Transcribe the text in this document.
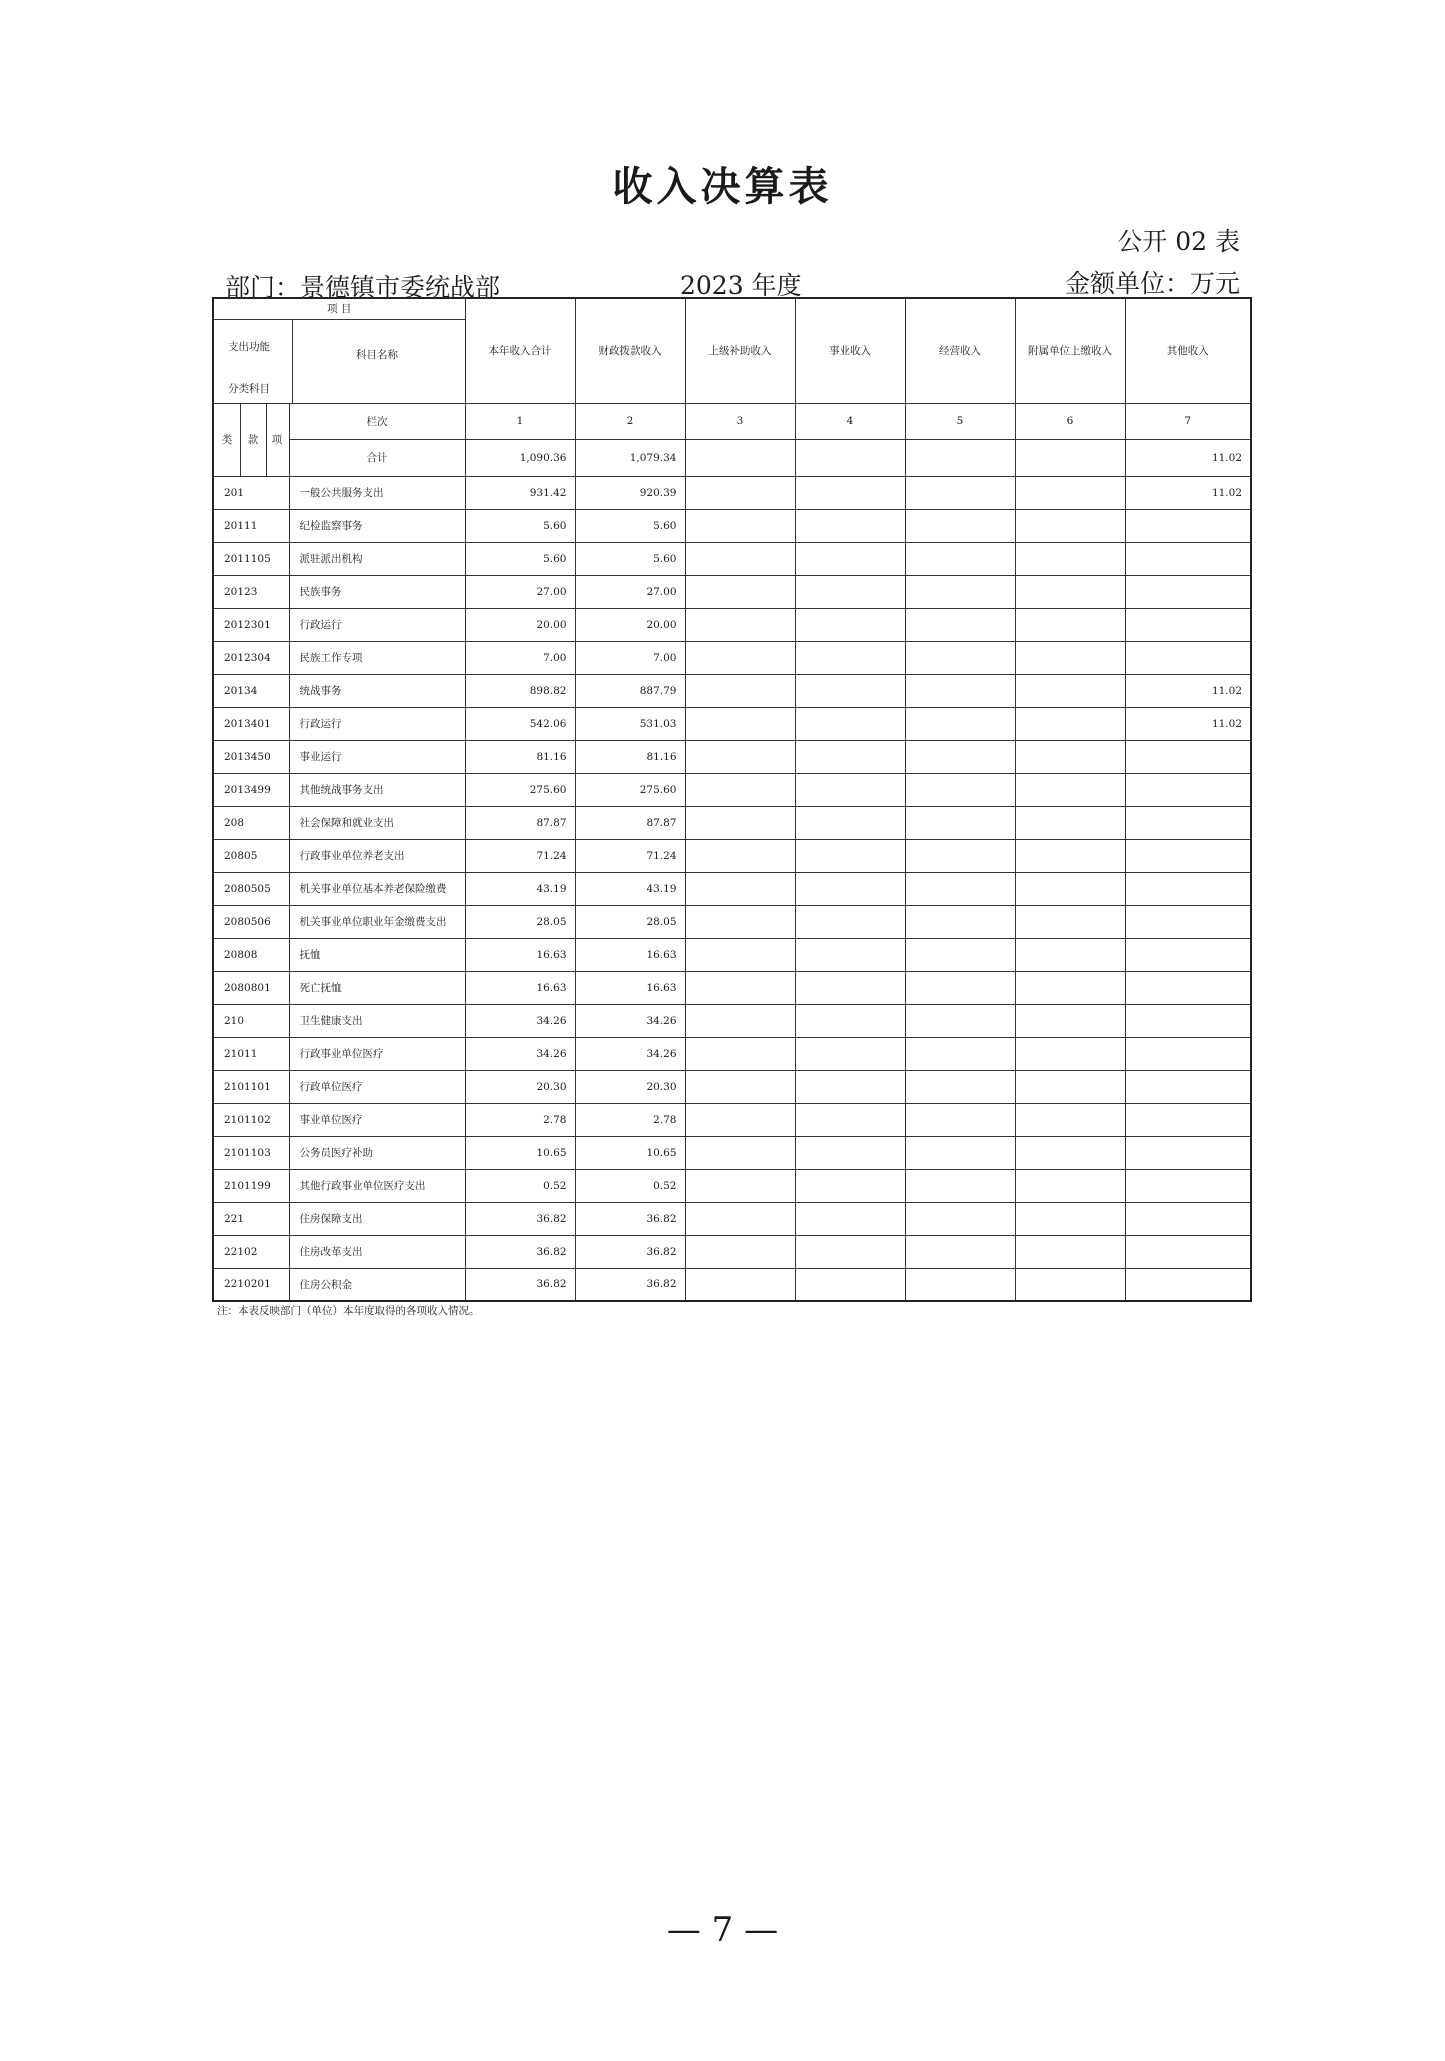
收入决算表
公开 02 表
部门：景德镇市委统战部	2023 年度	金额单位：万元
项 目
支出功能
分类科目
科目名称		本年收入合计	财政拨款收入	上级补助收入	事业收入	经营收入	附属单位上缴收入	其他收入

类 款 项	栏次	1	2	3	4	5	6	7
	合计	1,090.36	1,079.34					11.02
201	一般公共服务支出	931.42	920.39					11.02
20111	纪检监察事务	5.60	5.60					
2011105	派驻派出机构	5.60	5.60					
20123	民族事务	27.00	27.00					
2012301	行政运行	20.00	20.00					
2012304	民族工作专项	7.00	7.00					
20134	统战事务	898.82	887.79					11.02
2013401	行政运行	542.06	531.03					11.02
2013450	事业运行	81.16	81.16					
2013499	其他统战事务支出	275.60	275.60					
208	社会保障和就业支出	87.87	87.87					
20805	行政事业单位养老支出	71.24	71.24					
2080505	机关事业单位基本养老保险缴费	43.19	43.19					
2080506	机关事业单位职业年金缴费支出	28.05	28.05					
20808	抚恤	16.63	16.63					
2080801	死亡抚恤	16.63	16.63					
210	卫生健康支出	34.26	34.26					
21011	行政事业单位医疗	34.26	34.26					
2101101	行政单位医疗	20.30	20.30					
2101102	事业单位医疗	2.78	2.78					
2101103	公务员医疗补助	10.65	10.65					
2101199	其他行政事业单位医疗支出	0.52	0.52					
221	住房保障支出	36.82	36.82					
22102	住房改革支出	36.82	36.82					
2210201	住房公积金	36.82	36.82					
注：本表反映部门（单位）本年度取得的各项收入情况。
— 7 —
